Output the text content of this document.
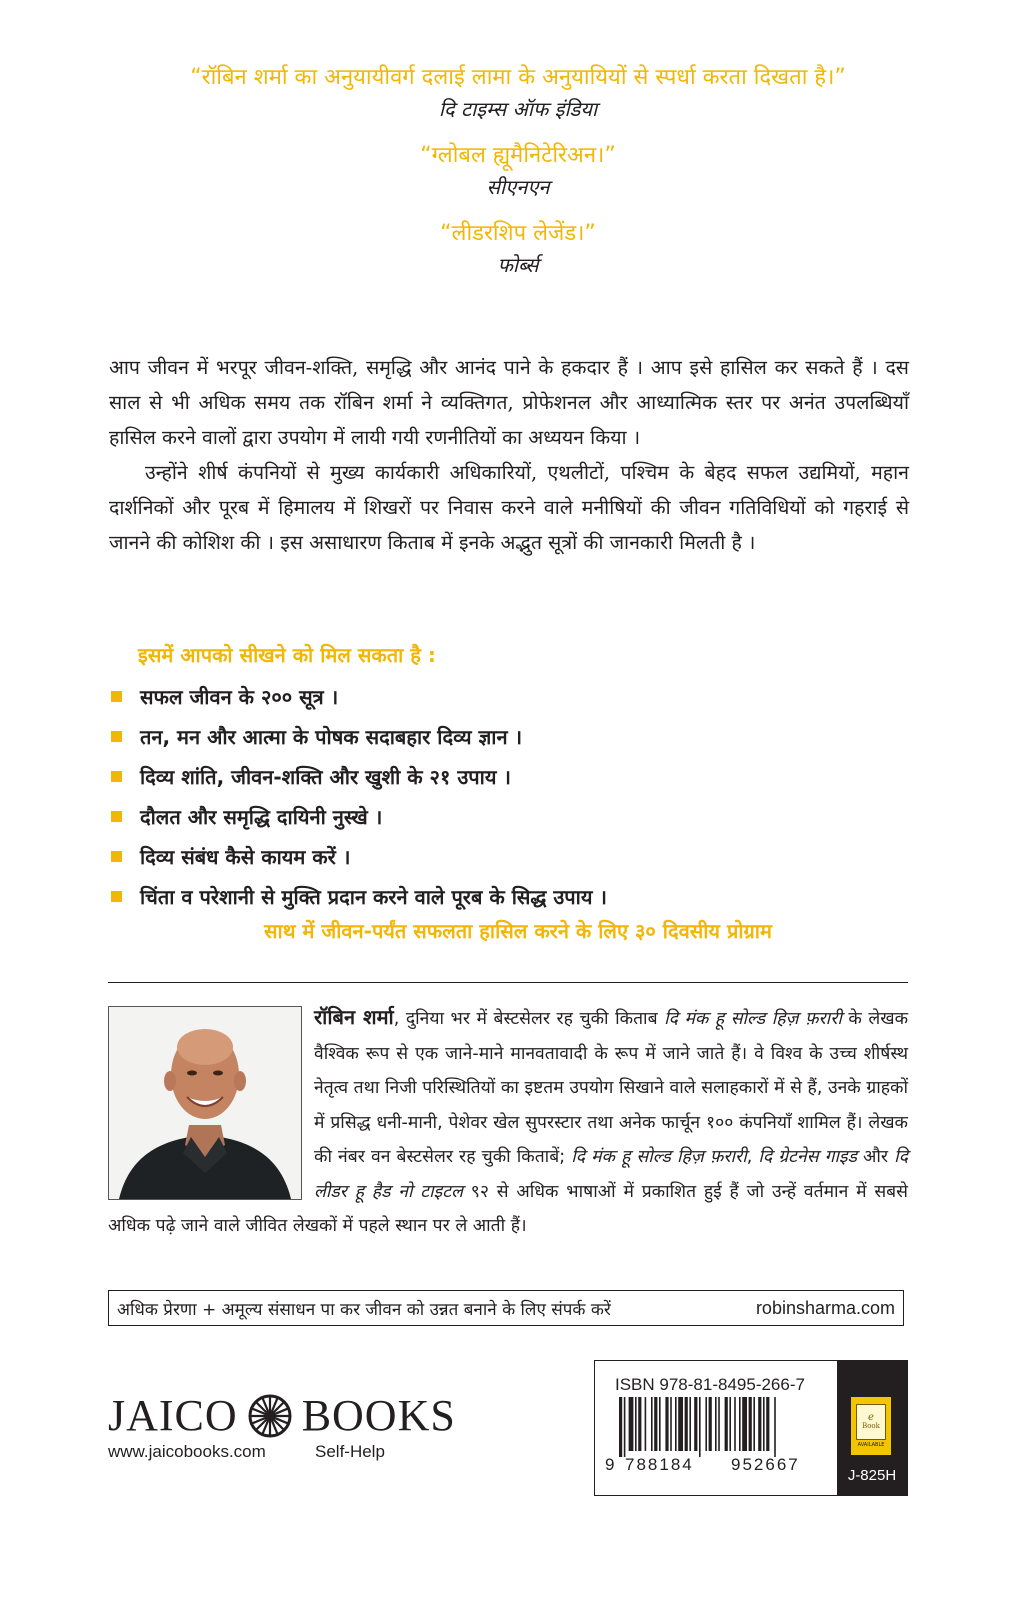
“रॉबिन शर्मा का अनुयायीवर्ग दलाई लामा के अनुयायियों से स्पर्धा करता दिखता है।”
दि टाइम्स ऑफ इंडिया
“ग्लोबल ह्यूमैनिटेरिअन।”
सीएनएन
“लीडरशिप लेजेंड।”
फोर्ब्स

आप जीवन में भरपूर जीवन-शक्ति, समृद्धि और आनंद पाने के हकदार हैं । आप इसे हासिल कर सकते हैं । दस साल से भी अधिक समय तक रॉबिन शर्मा ने व्यक्तिगत, प्रोफेशनल और आध्यात्मिक स्तर पर अनंत उपलब्धियाँ हासिल करने वालों द्वारा उपयोग में लायी गयी रणनीतियों का अध्ययन किया ।

उन्होंने शीर्ष कंपनियों से मुख्य कार्यकारी अधिकारियों, एथलीटों, पश्चिम के बेहद सफल उद्यमियों, महान दार्शनिकों और पूरब में हिमालय में शिखरों पर निवास करने वाले मनीषियों की जीवन गतिविधियों को गहराई से जानने की कोशिश की । इस असाधारण किताब में इनके अद्भुत सूत्रों की जानकारी मिलती है ।

इसमें आपको सीखने को मिल सकता है :
सफल जीवन के २०० सूत्र ।
तन, मन और आत्मा के पोषक सदाबहार दिव्य ज्ञान ।
दिव्य शांति, जीवन-शक्ति और खुशी के २१ उपाय ।
दौलत और समृद्धि दायिनी नुस्खे ।
दिव्य संबंध कैसे कायम करें ।
चिंता व परेशानी से मुक्ति प्रदान करने वाले पूरब के सिद्ध उपाय ।
साथ में जीवन-पर्यंत सफलता हासिल करने के लिए ३० दिवसीय प्रोग्राम
रॉबिन शर्मा, दुनिया भर में बेस्टसेलर रह चुकी किताब दि मंक हू सोल्ड हिज़ फ़रारी के लेखक वैश्विक रूप से एक जाने-माने मानवतावादी के रूप में जाने जाते हैं। वे विश्व के उच्च शीर्षस्थ नेतृत्व तथा निजी परिस्थितियों का इष्टतम उपयोग सिखाने वाले सलाहकारों में से हैं, उनके ग्राहकों में प्रसिद्ध धनी-मानी, पेशेवर खेल सुपरस्टार तथा अनेक फार्चून १०० कंपनियाँ शामिल हैं। लेखक की नंबर वन बेस्टसेलर रह चुकी किताबें; दि मंक हू सोल्ड हिज़ फ़रारी, दि ग्रेटनेस गाइड और दि लीडर हू हैड नो टाइटल ९२ से अधिक भाषाओं में प्रकाशित हुई हैं जो उन्हें वर्तमान में सबसे अधिक पढ़े जाने वाले जीवित लेखकों में पहले स्थान पर ले आती हैं।
अधिक प्रेरणा + अमूल्य संसाधन पा कर जीवन को उन्नत बनाने के लिए संपर्क करें	robinsharma.com
JAICO BOOKS
www.jaicobooks.com	Self-Help
ISBN 978-81-8495-266-7
9 788184	952667
e
Book
AVAILABLE
J-825H
